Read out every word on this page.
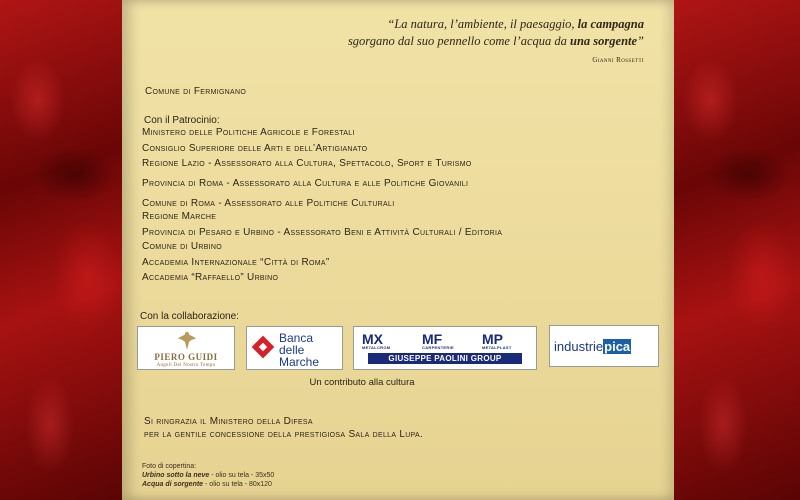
“La natura, l’ambiente, il paesaggio, la campagna
sgorgano dal suo pennello come l’acqua da una sorgente”
Gianni Rossetti
Comune di Fermignano
Con il Patrocinio:
Ministero delle Politiche Agricole e Forestali
Consiglio Superiore delle Arti e dell’Artigianato
Regione Lazio - Assessorato alla Cultura, Spettacolo, Sport e Turismo
Provincia di Roma - Assessorato alla Cultura e alle Politiche Giovanili
Comune di Roma - Assessorato alle Politiche Culturali
Regione Marche
Provincia di Pesaro e Urbino - Assessorato Beni e Attività Culturali / Editoria
Comune di Urbino
Accademia Internazionale “Città di Roma”
Accademia “Raffaello” Urbino
Con la collaborazione:
PIERO GUIDI
Angeli Dei Nostro Tempo
Banca
delle
Marche
MX
METALCROM
MF
CARPENTERIE
MP
METALPLAST
GIUSEPPE PAOLINI GROUP
industriepica
Un contributo alla cultura
Si ringrazia il Ministero della Difesa
per la gentile concessione della prestigiosa Sala della Lupa.
Foto di copertina:
Urbino sotto la neve - olio su tela - 35x50
Acqua di sorgente - olio su tela - 80x120
